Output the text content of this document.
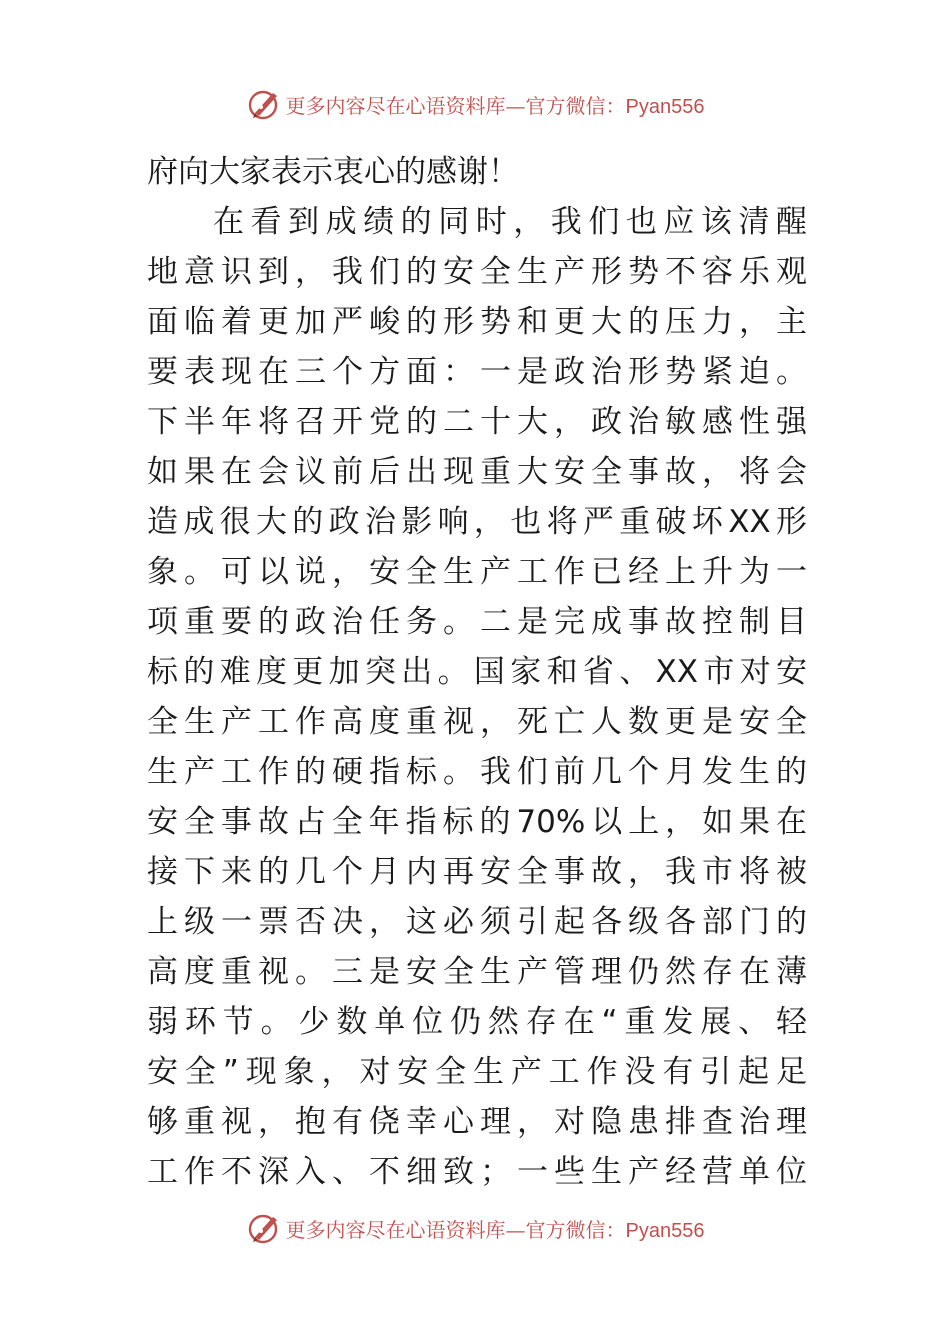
更多内容尽在心语资料库—官方微信：Pyan556
府向大家表示衷心的感谢！
在看到成绩的同时，我们也应该清醒
地意识到，我们的安全生产形势不容乐观
面临着更加严峻的形势和更大的压力，主
要表现在三个方面：一是政治形势紧迫。
下半年将召开党的二十大，政治敏感性强
如果在会议前后出现重大安全事故，将会
造成很大的政治影响，也将严重破坏XX形
象。可以说，安全生产工作已经上升为一
项重要的政治任务。二是完成事故控制目
标的难度更加突出。国家和省、XX市对安
全生产工作高度重视，死亡人数更是安全
生产工作的硬指标。我们前几个月发生的
安全事故占全年指标的70%以上，如果在
接下来的几个月内再安全事故，我市将被
上级一票否决，这必须引起各级各部门的
高度重视。三是安全生产管理仍然存在薄
弱环节。少数单位仍然存在“重发展、轻
安全”现象，对安全生产工作没有引起足
够重视，抱有侥幸心理，对隐患排查治理
工作不深入、不细致；一些生产经营单位
更多内容尽在心语资料库—官方微信：Pyan556
